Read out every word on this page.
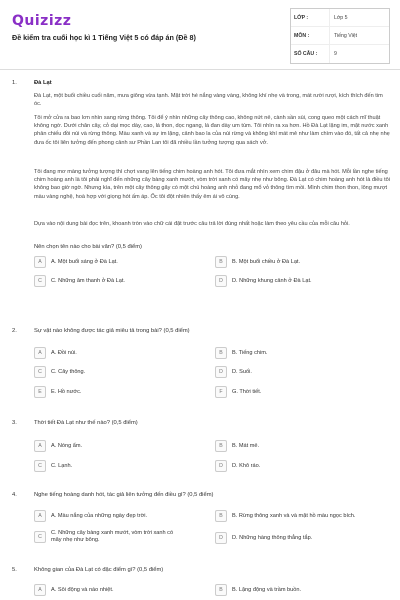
Quizizz
Đề kiểm tra cuối học kì 1 Tiếng Việt 5 có đáp án (Đề 8)
LỚP :	Lớp 5
MÔN :	Tiếng Việt
SỐ CÂU :	9
1.	Đà Lạt
Đà Lạt, một buổi chiều cuối năm, mưa giông vừa tạnh. Mặt trời hé nắng vàng vàng, không khí nhẹ và trong, mát rười rượi, kích thích đến tim óc.
Tôi mở cửa ra bao lơn nhìn sang rừng thông. Tôi để ý nhìn những cây thông cao, không nứt nẻ, cành sần sùi, cong queo một cách mĩ thuật không ngờ. Dưới chân cây, cỏ dại mọc dày, cao, lá thon, dọc ngang, lá đan dày um tùm. Tôi nhìn ra xa hơn. Hồ Đà Lạt lặng im, mặt nước xanh phản chiếu đồi núi và rừng thông. Màu xanh và sự im lặng, cảnh bao la của núi rừng và không khí mát mẻ như làm chìm vào đó, tất cả nhẹ nhẹ đưa ốc tôi liên tưởng đến phong cảnh sư Phần Lan tôi đã nhiều lần tưởng tượng qua sách vở.
Tôi đang mơ màng tưởng tượng thì chợt vang lên tiếng chim hoàng anh hót. Tôi đưa mắt nhìn xem chim đậu ở đâu mà hót. Mỗi lần nghe tiếng chim hoàng anh là tôi phải nghĩ đến những cây bàng xanh mướt, vòm trời xanh có mây nhẹ như bông. Đà Lạt có chim hoàng anh hót là điều tôi không bao giờ ngờ. Nhưng kìa, trên một cây thông gãy có một chú hoàng anh nhỏ đang mổ vỏ thông tìm mồi. Mình chim thon thon, lông mượt màu vàng nghệ, hoà hợp với giọng hót ấm áp. Ốc tôi đột nhiên thấy êm ái vô cùng.
Dựa vào nội dung bài đọc trên, khoanh tròn vào chữ cái đặt trước câu trả lời đúng nhất hoặc làm theo yêu cầu của mỗi câu hỏi.
Nên chọn tên nào cho bài văn? (0,5 điểm)
A	A. Một buổi sáng ở Đà Lạt.	B	B. Một buổi chiều ở Đà Lạt.
C	C. Những âm thanh ở Đà Lạt.	D	D. Những khung cảnh ở Đà Lạt.
2.	Sự vật nào không được tác giả miêu tả trong bài? (0,5 điểm)
A	A. Đồi núi.	B	B. Tiếng chim.
C	C. Cây thông.	D	D. Suối.
E	E. Hồ nước.	F	G. Thời tiết.
3.	Thời tiết Đà Lạt như thế nào? (0,5 điểm)
A	A. Nóng ẩm.	B	B. Mát mẻ.
C	C. Lạnh.	D	D. Khô ráo.
4.	Nghe tiếng hoàng danh hót, tác giả liên tưởng đến điều gì? (0,5 điểm)
A	A. Màu nắng của những ngày đẹp trời.	B	B. Rừng thông xanh và và mặt hồ màu ngọc bích.
C
C. Những cây bàng xanh mướt, vòm trời xanh có mây nhẹ như bông.	D	D. Những hàng thông thẳng tắp.
5.	Không gian của Đà Lạt có đặc điểm gì? (0,5 điểm)
A	A. Sôi động và náo nhiệt.	B	B. Lặng động và trầm buồn.
